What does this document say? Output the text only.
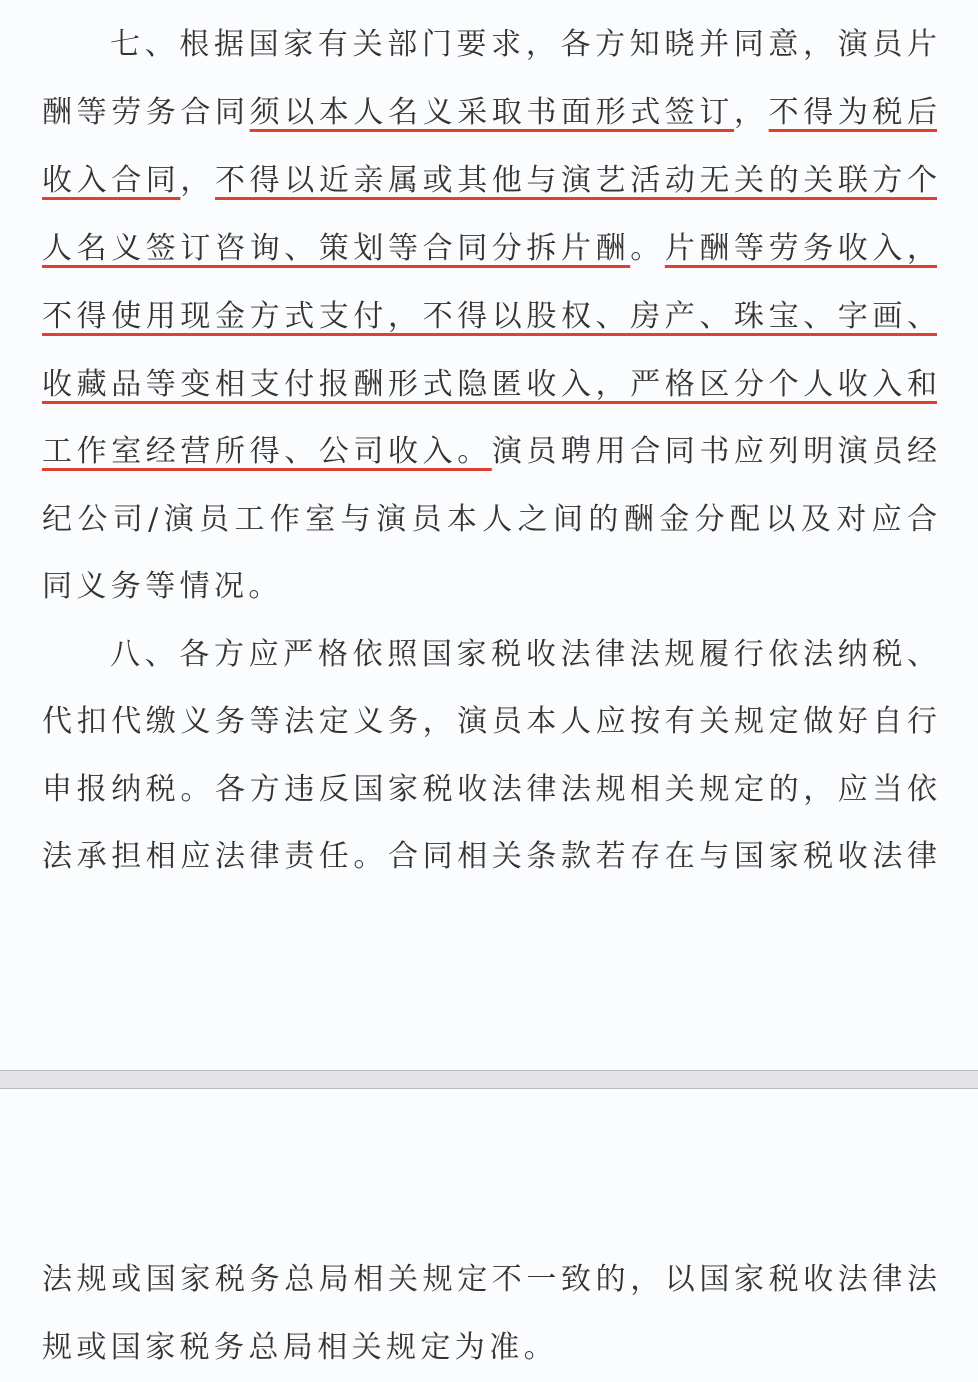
七、根据国家有关部门要求，各方知晓并同意，演员片
酬等劳务合同须以本人名义采取书面形式签订，不得为税后
收入合同，不得以近亲属或其他与演艺活动无关的关联方个
人名义签订咨询、策划等合同分拆片酬。片酬等劳务收入，
不得使用现金方式支付，不得以股权、房产、珠宝、字画、
收藏品等变相支付报酬形式隐匿收入，严格区分个人收入和
工作室经营所得、公司收入。演员聘用合同书应列明演员经
纪公司/演员工作室与演员本人之间的酬金分配以及对应合
同义务等情况。
八、各方应严格依照国家税收法律法规履行依法纳税、
代扣代缴义务等法定义务，演员本人应按有关规定做好自行
申报纳税。各方违反国家税收法律法规相关规定的，应当依
法承担相应法律责任。合同相关条款若存在与国家税收法律
法规或国家税务总局相关规定不一致的，以国家税收法律法
规或国家税务总局相关规定为准。
